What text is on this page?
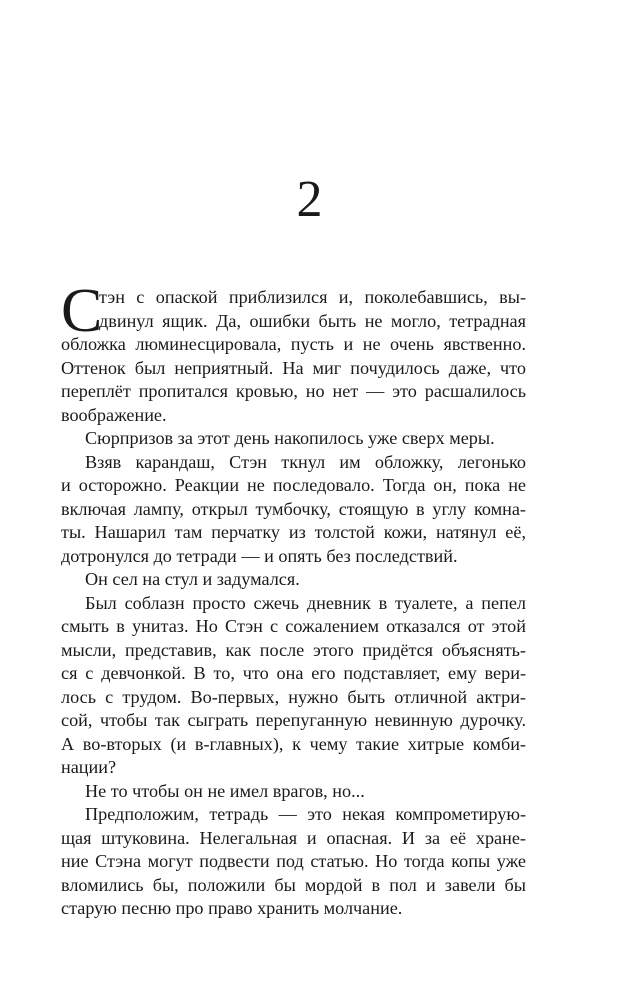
2
С
тэн с опаской приблизился и, поколебавшись, вы-
двинул ящик. Да, ошибки быть не могло, тетрадная
обложка люминесцировала, пусть и не очень явственно.
Оттенок был неприятный. На миг почудилось даже, что
переплёт пропитался кровью, но нет — это расшалилось
воображение.
Сюрпризов за этот день накопилось уже сверх меры.
Взяв карандаш, Стэн ткнул им обложку, легонько
и осторожно. Реакции не последовало. Тогда он, пока не
включая лампу, открыл тумбочку, стоящую в углу комна-
ты. Нашарил там перчатку из толстой кожи, натянул её,
дотронулся до тетради — и опять без последствий.
Он сел на стул и задумался.
Был соблазн просто сжечь дневник в туалете, а пепел
смыть в унитаз. Но Стэн с сожалением отказался от этой
мысли, представив, как после этого придётся объяснять-
ся с девчонкой. В то, что она его подставляет, ему вери-
лось с трудом. Во-первых, нужно быть отличной актри-
сой, чтобы так сыграть перепуганную невинную дурочку.
А во-вторых (и в-главных), к чему такие хитрые комби-
нации?
Не то чтобы он не имел врагов, но...
Предположим, тетрадь — это некая компрометирую-
щая штуковина. Нелегальная и опасная. И за её хране-
ние Стэна могут подвести под статью. Но тогда копы уже
вломились бы, положили бы мордой в пол и завели бы
старую песню про право хранить молчание.
